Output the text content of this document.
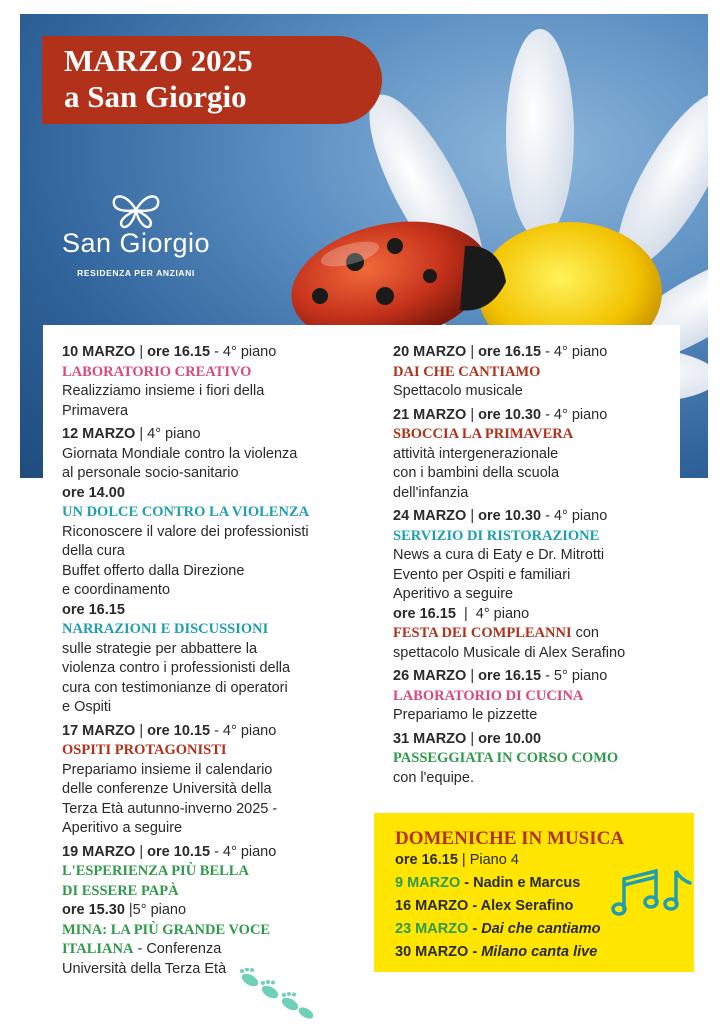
MARZO 2025
a San Giorgio
San Giorgio
RESIDENZA PER ANZIANI
10 MARZO | ore 16.15 - 4° piano
LABORATORIO CREATIVO
Realizziamo insieme i fiori della
Primavera
12 MARZO | 4° piano
Giornata Mondiale contro la violenza
al personale socio-sanitario
ore 14.00
UN DOLCE CONTRO LA VIOLENZA
Riconoscere il valore dei professionisti
della cura
Buffet offerto dalla Direzione
e coordinamento
ore 16.15
NARRAZIONI E DISCUSSIONI
sulle strategie per abbattere la
violenza contro i professionisti della
cura con testimonianze di operatori
e Ospiti
17 MARZO | ore 10.15 - 4° piano
OSPITI PROTAGONISTI
Prepariamo insieme il calendario
delle conferenze Università della
Terza Età autunno-inverno 2025 -
Aperitivo a seguire
19 MARZO | ore 10.15 - 4° piano
L'ESPERIENZA PIÙ BELLA
DI ESSERE PAPÀ
ore 15.30 |5° piano
MINA: LA PIÙ GRANDE VOCE
ITALIANA - Conferenza
Università della Terza Età
20 MARZO | ore 16.15 - 4° piano
DAI CHE CANTIAMO
Spettacolo musicale
21 MARZO | ore 10.30 - 4° piano
SBOCCIA LA PRIMAVERA
attività intergenerazionale
con i bambini della scuola
dell'infanzia
24 MARZO | ore 10.30 - 4° piano
SERVIZIO DI RISTORAZIONE
News a cura di Eaty e Dr. Mitrotti
Evento per Ospiti e familiari
Aperitivo a seguire
ore 16.15  |  4° piano
FESTA DEI COMPLEANNI con
spettacolo Musicale di Alex Serafino
26 MARZO | ore 16.15 - 5° piano
LABORATORIO DI CUCINA
Prepariamo le pizzette
31 MARZO | ore 10.00
PASSEGGIATA IN CORSO COMO
con l'equipe.
DOMENICHE IN MUSICA
ore 16.15 | Piano 4
9 MARZO - Nadin e Marcus
16 MARZO - Alex Serafino
23 MARZO - Dai che cantiamo
30 MARZO - Milano canta live
